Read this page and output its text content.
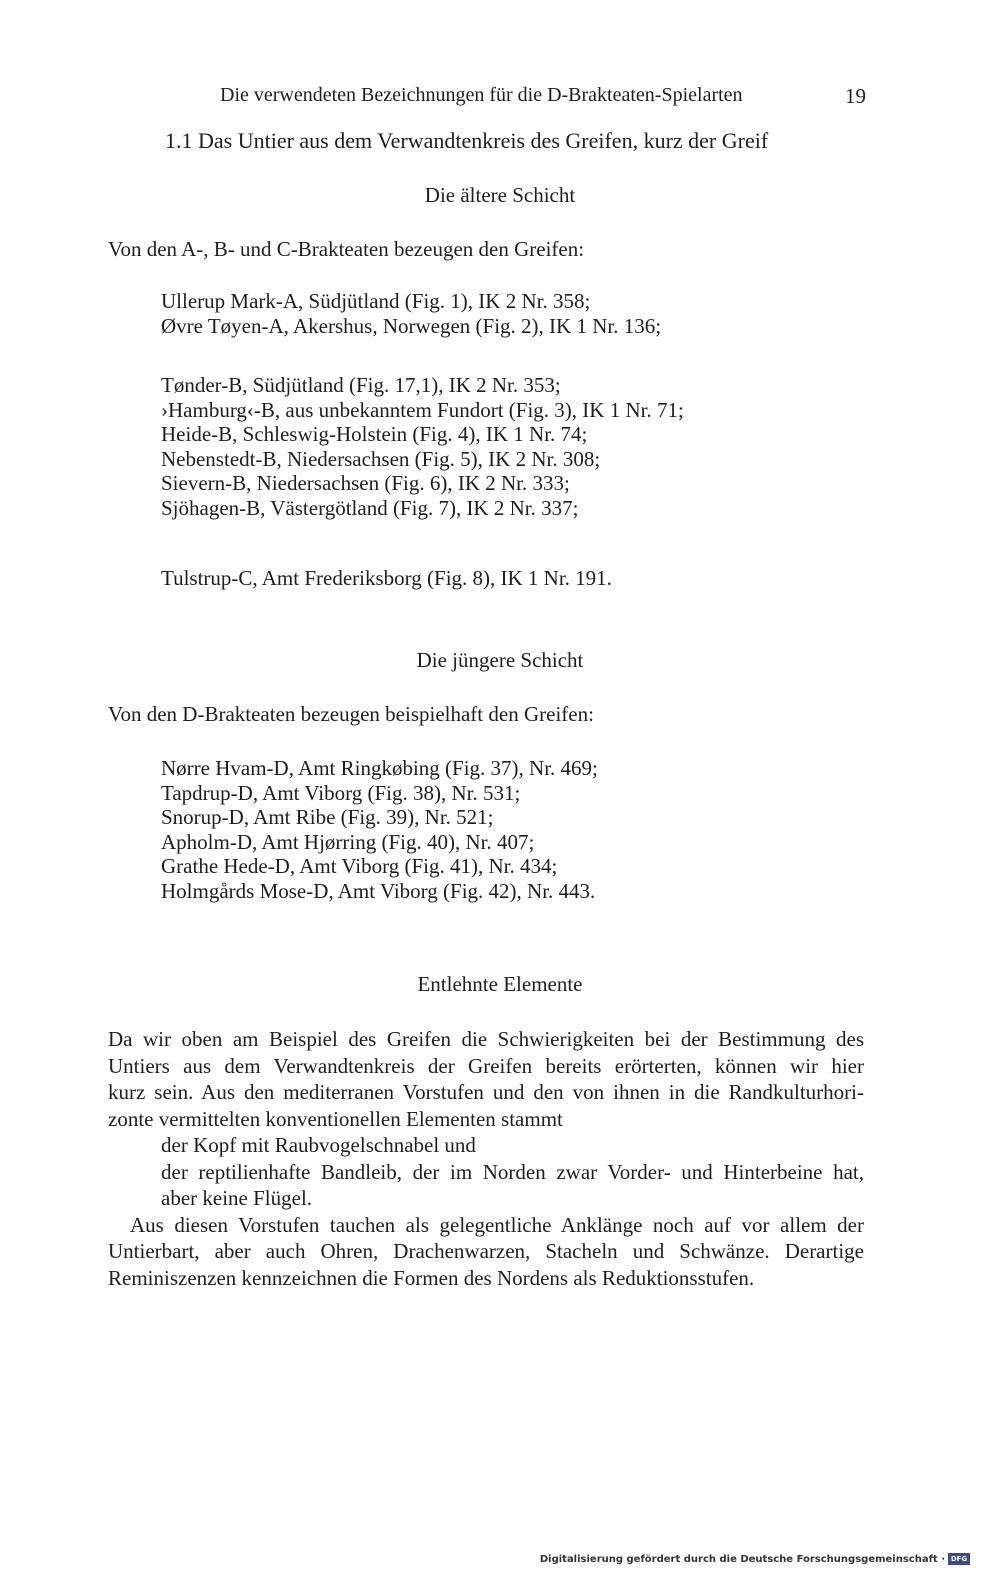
Die verwendeten Bezeichnungen für die D-Brakteaten-Spielarten	19
1.1 Das Untier aus dem Verwandtenkreis des Greifen, kurz der Greif
Die ältere Schicht
Von den A-, B- und C-Brakteaten bezeugen den Greifen:
Ullerup Mark-A, Südjütland (Fig. 1), IK 2 Nr. 358;
Øvre Tøyen-A, Akershus, Norwegen (Fig. 2), IK 1 Nr. 136;
Tønder-B, Südjütland (Fig. 17,1), IK 2 Nr. 353;
›Hamburg‹-B, aus unbekanntem Fundort (Fig. 3), IK 1 Nr. 71;
Heide-B, Schleswig-Holstein (Fig. 4), IK 1 Nr. 74;
Nebenstedt-B, Niedersachsen (Fig. 5), IK 2 Nr. 308;
Sievern-B, Niedersachsen (Fig. 6), IK 2 Nr. 333;
Sjöhagen-B, Västergötland (Fig. 7), IK 2 Nr. 337;
Tulstrup-C, Amt Frederiksborg (Fig. 8), IK 1 Nr. 191.
Die jüngere Schicht
Von den D-Brakteaten bezeugen beispielhaft den Greifen:
Nørre Hvam-D, Amt Ringkøbing (Fig. 37), Nr. 469;
Tapdrup-D, Amt Viborg (Fig. 38), Nr. 531;
Snorup-D, Amt Ribe (Fig. 39), Nr. 521;
Apholm-D, Amt Hjørring (Fig. 40), Nr. 407;
Grathe Hede-D, Amt Viborg (Fig. 41), Nr. 434;
Holmgårds Mose-D, Amt Viborg (Fig. 42), Nr. 443.
Entlehnte Elemente

Da wir oben am Beispiel des Greifen die Schwierigkeiten bei der Bestimmung des

Untiers aus dem Verwandtenkreis der Greifen bereits erörterten, können wir hier

kurz sein. Aus den mediterranen Vorstufen und den von ihnen in die Randkulturhori-

zonte vermittelten konventionellen Elementen stammt

der Kopf mit Raubvogelschnabel und

der reptilienhafte Bandleib, der im Norden zwar Vorder- und Hinterbeine hat,

aber keine Flügel.

Aus diesen Vorstufen tauchen als gelegentliche Anklänge noch auf vor allem der

Untierbart, aber auch Ohren, Drachenwarzen, Stacheln und Schwänze. Derartige

Reminiszenzen kennzeichnen die Formen des Nordens als Reduktionsstufen.

Digitalisierung gefördert durch die Deutsche Forschungsgemeinschaft · DFG
